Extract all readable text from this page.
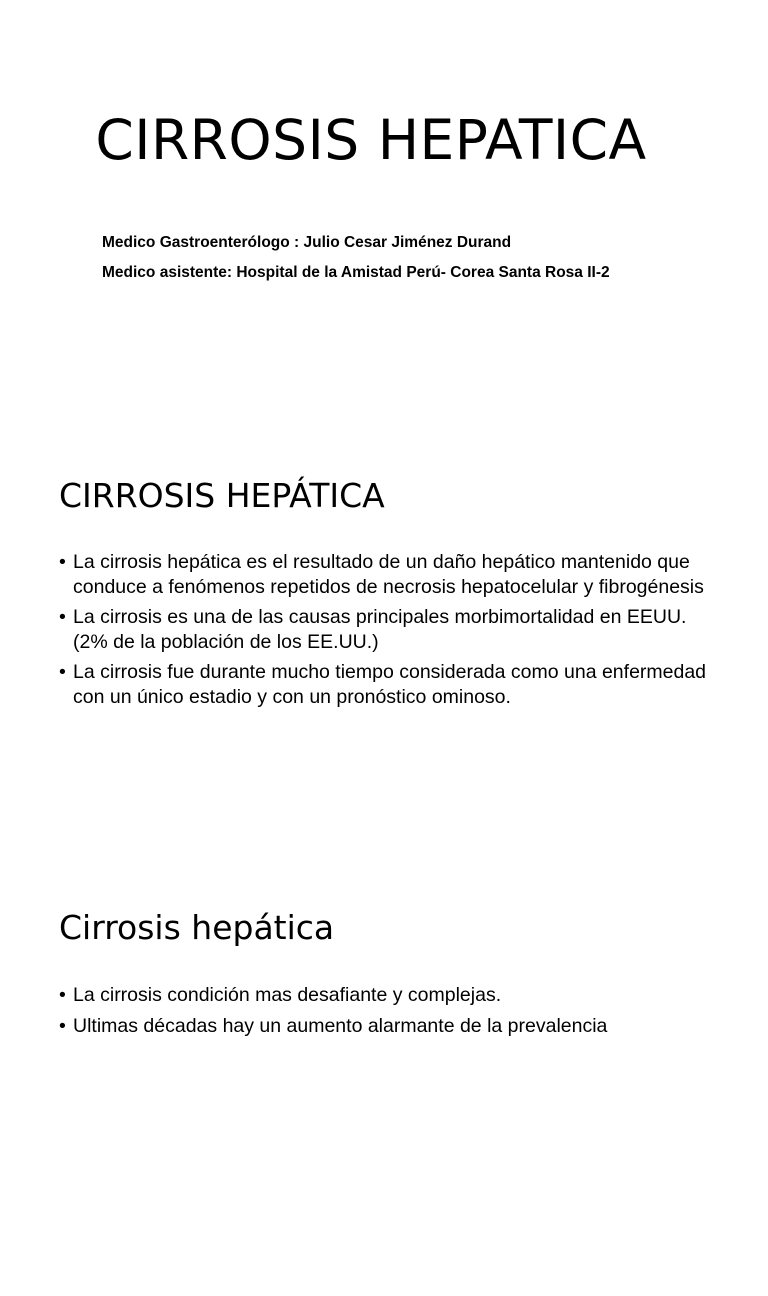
CIRROSIS HEPATICA
Medico Gastroenterólogo : Julio Cesar Jiménez Durand
Medico asistente: Hospital de la Amistad Perú- Corea Santa Rosa II-2
CIRROSIS HEPÁTICA
• La cirrosis hepática es el resultado de un daño hepático mantenido que conduce a fenómenos repetidos de necrosis hepatocelular y fibrogénesis
• La cirrosis es una de las causas principales morbimortalidad en EEUU. (2% de la población de los EE.UU.)
• La cirrosis fue durante mucho tiempo considerada como una enfermedad con un único estadio y con un pronóstico ominoso.
Cirrosis hepática
• La cirrosis condición mas desafiante y complejas.
• Ultimas décadas hay un aumento alarmante de la prevalencia
